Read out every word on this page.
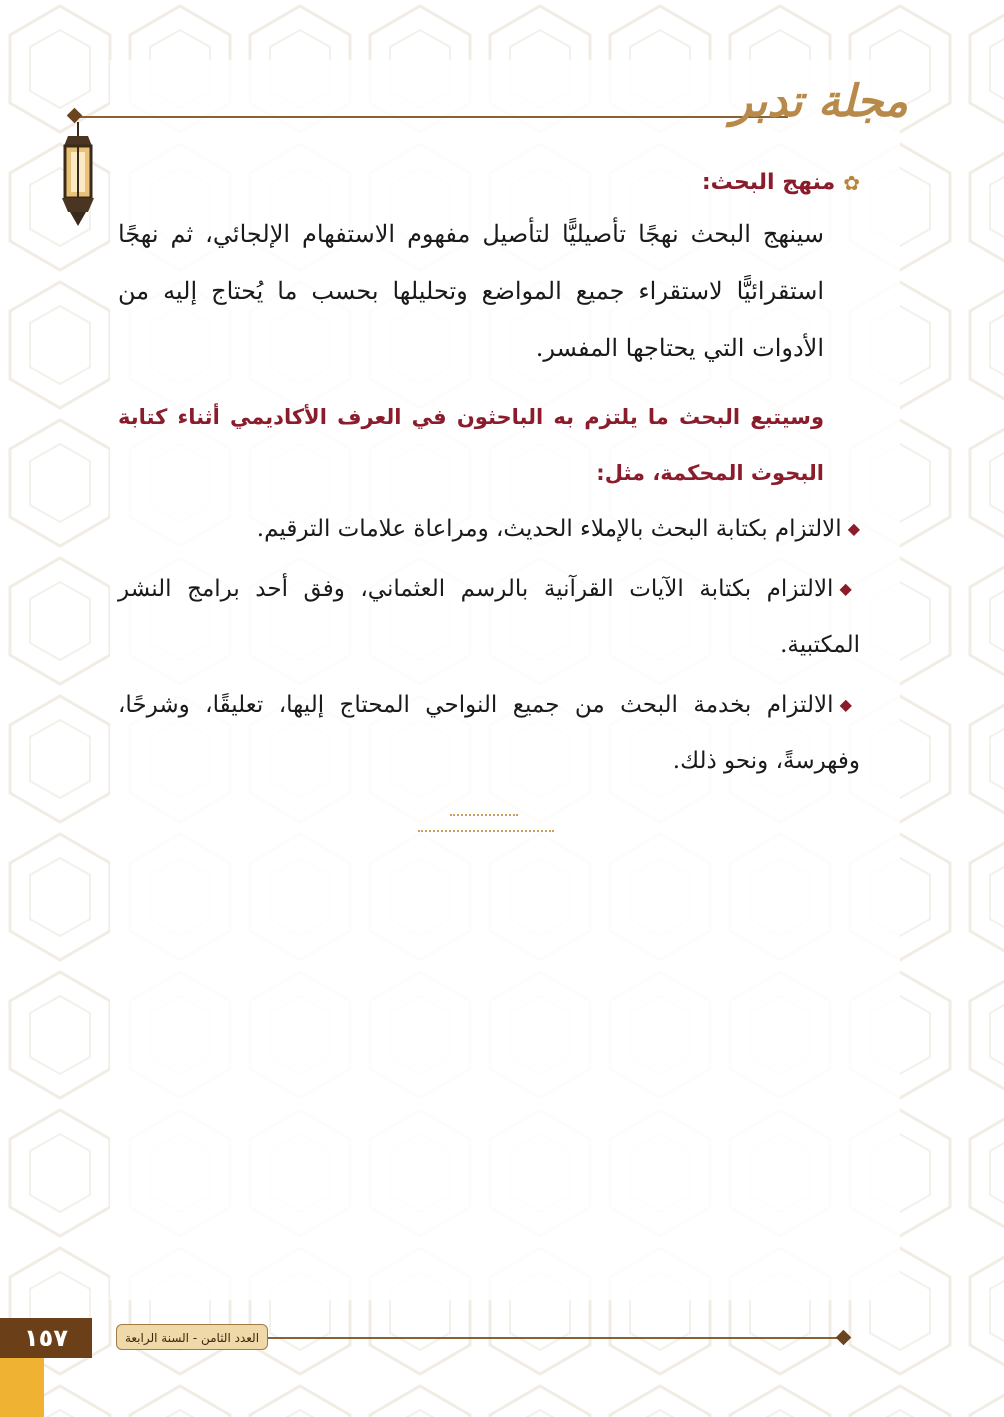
مجلة تدبر
✿
منهج البحث:

سينهج البحث نهجًا تأصيليًّا لتأصيل مفهوم الاستفهام الإلجائي، ثم نهجًا استقرائيًّا لاستقراء جميع المواضع وتحليلها بحسب ما يُحتاج إليه من الأدوات التي يحتاجها المفسر.

وسيتبع البحث ما يلتزم به الباحثون في العرف الأكاديمي أثناء كتابة البحوث المحكمة، مثل:

◆الالتزام بكتابة البحث بالإملاء الحديث، ومراعاة علامات الترقيم.

◆الالتزام بكتابة الآيات القرآنية بالرسم العثماني، وفق أحد برامج النشر المكتبية.

◆الالتزام بخدمة البحث من جميع النواحي المحتاج إليها، تعليقًا، وشرحًا، وفهرسةً، ونحو ذلك.

العدد الثامن - السنة الرابعة
١٥٧
